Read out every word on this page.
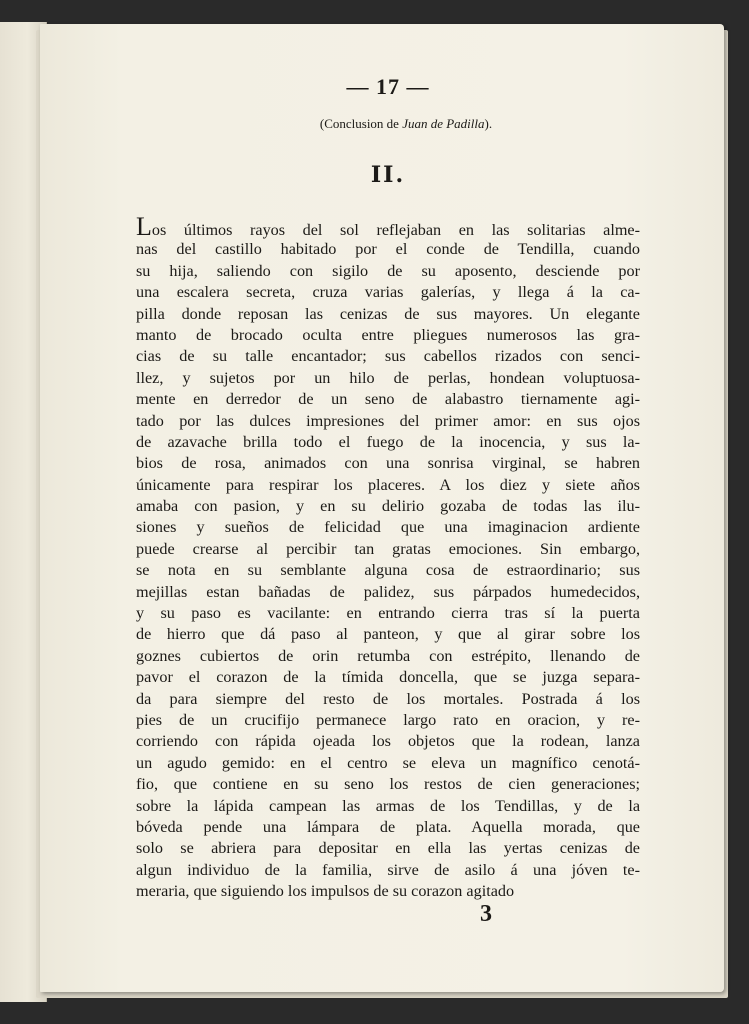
— 17 —

(Conclusion de Juan de Padilla).

II.

Los últimos rayos del sol reflejaban en las solitarias alme-
nas del castillo habitado por el conde de Tendilla, cuando
su hija, saliendo con sigilo de su aposento, desciende por
una escalera secreta, cruza varias galerías, y llega á la ca-
pilla donde reposan las cenizas de sus mayores. Un elegante
manto de brocado oculta entre pliegues numerosos las gra-
cias de su talle encantador; sus cabellos rizados con senci-
llez, y sujetos por un hilo de perlas, hondean voluptuosa-
mente en derredor de un seno de alabastro tiernamente agi-
tado por las dulces impresiones del primer amor: en sus ojos
de azavache brilla todo el fuego de la inocencia, y sus la-
bios de rosa, animados con una sonrisa virginal, se habren
únicamente para respirar los placeres. A los diez y siete años
amaba con pasion, y en su delirio gozaba de todas las ilu-
siones y sueños de felicidad que una imaginacion ardiente
puede crearse al percibir tan gratas emociones. Sin embargo,
se nota en su semblante alguna cosa de estraordinario; sus
mejillas estan bañadas de palidez, sus párpados humedecidos,
y su paso es vacilante: en entrando cierra tras sí la puerta
de hierro que dá paso al panteon, y que al girar sobre los
goznes cubiertos de orin retumba con estrépito, llenando de
pavor el corazon de la tímida doncella, que se juzga separa-
da para siempre del resto de los mortales. Postrada á los
pies de un crucifijo permanece largo rato en oracion, y re-
corriendo con rápida ojeada los objetos que la rodean, lanza
un agudo gemido: en el centro se eleva un magnífico cenotá-
fio, que contiene en su seno los restos de cien generaciones;
sobre la lápida campean las armas de los Tendillas, y de la
bóveda pende una lámpara de plata. Aquella morada, que
solo se abriera para depositar en ella las yertas cenizas de
algun individuo de la familia, sirve de asilo á una jóven te-
meraria, que siguiendo los impulsos de su corazon agitado
3
